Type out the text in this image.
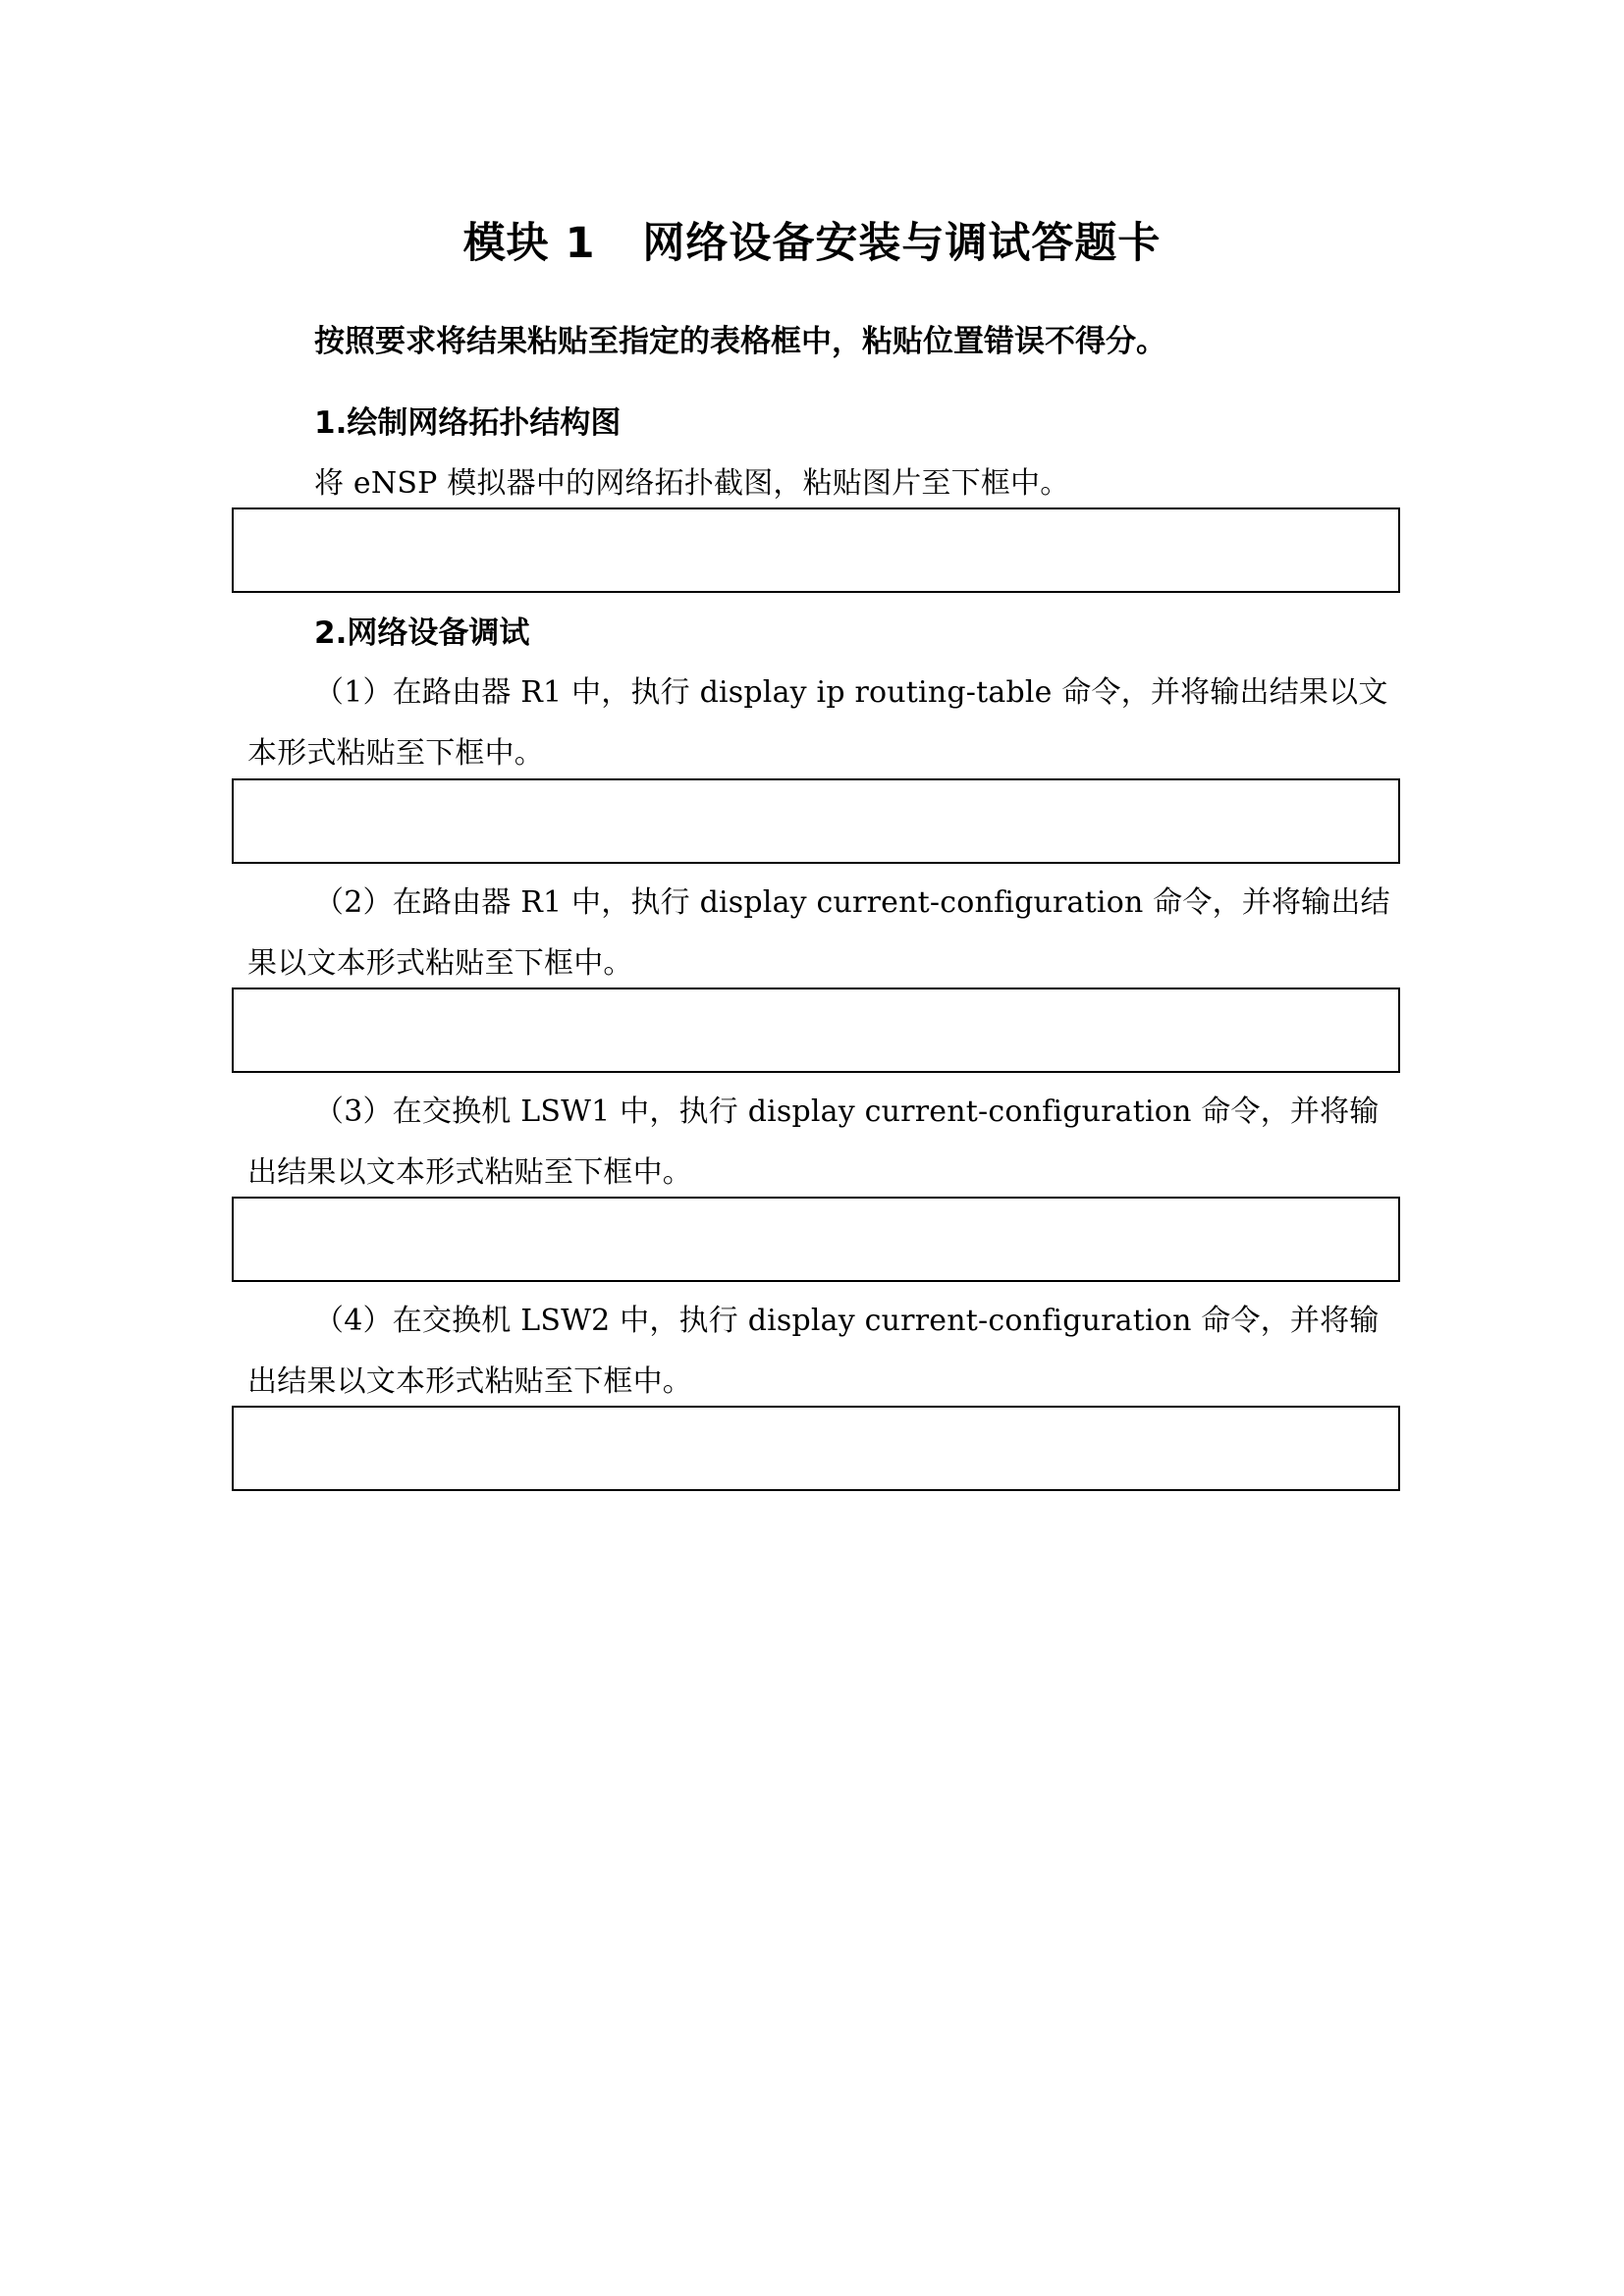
模块 1   网络设备安装与调试答题卡
按照要求将结果粘贴至指定的表格框中，粘贴位置错误不得分。
1.绘制网络拓扑结构图
将 eNSP 模拟器中的网络拓扑截图，粘贴图片至下框中。
2.网络设备调试
（1）在路由器 R1 中，执行 display ip routing-table 命令，并将输出结果以文本形式粘贴至下框中。
（2）在路由器 R1 中，执行 display current-configuration 命令，并将输出结果以文本形式粘贴至下框中。
（3）在交换机 LSW1 中，执行 display current-configuration 命令，并将输出结果以文本形式粘贴至下框中。
（4）在交换机 LSW2 中，执行 display current-configuration 命令，并将输出结果以文本形式粘贴至下框中。
